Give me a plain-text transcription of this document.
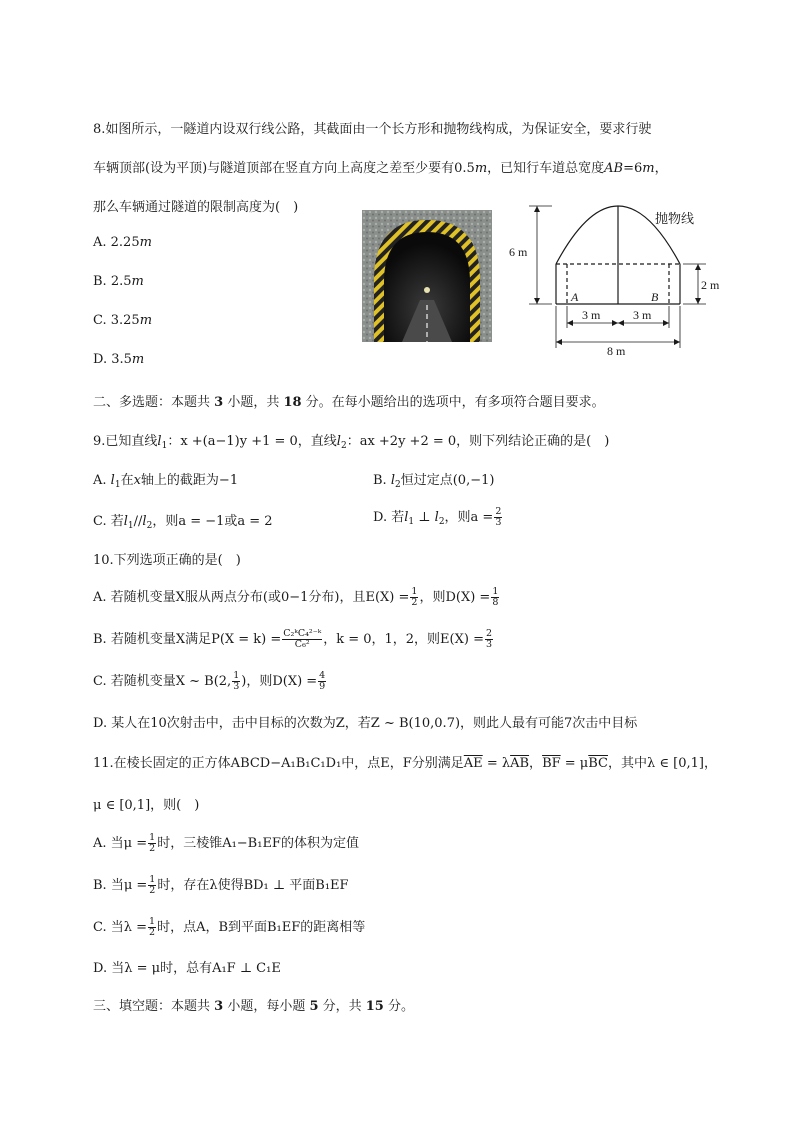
8.如图所示，一隧道内设双行线公路，其截面由一个长方形和抛物线构成，为保证安全，要求行驶
车辆顶部(设为平顶)与隧道顶部在竖直方向上高度之差至少要有0.5m，已知行车道总宽度AB=6m，
那么车辆通过隧道的限制高度为(　)
A. 2.25m
B. 2.5m
C. 3.25m
D. 3.5m
6 m
2 m
3 m	3 m
8 m
A	B
抛物线
二、多选题：本题共 3 小题，共 18 分。在每小题给出的选项中，有多项符合题目要求。
9.已知直线$l_1$：x +(a−1)y +1 = 0，直线$l_2$：ax +2y +2 = 0，则下列结论正确的是(　)
A. $l_1$在x轴上的截距为−1	B. $l_2$恒过定点(0,−1)
C. 若$l_1//l_2$，则a = −1或a = 2	D. 若$l_1$ ⊥ $l_2$，则$a = \frac{2}{3}$
10.下列选项正确的是(　)
A. 若随机变量X服从两点分布(或0−1分布)，且$E(X) = \frac{1}{2}$ ，则$D(X) = \frac{1}{8}$
B. 若随机变量X满足$P(X = k) = \frac{\text{C₂ᵏC₄²⁻ᵏ}}{\text{C₆²}}$ ，k = 0，1，2，则$E(X) = \frac{2}{3}$
C. 若随机变量X ~ B(2, $\frac{1}{3}$ )，则$D(X) = \frac{4}{9}$
D. 某人在10次射击中，击中目标的次数为Z，若Z ~ B(10,0.7)，则此人最有可能7次击中目标
11.在棱长固定的正方体ABCD−A₁B₁C₁D₁中，点E，F分别满足$\overline{AE} = \lambda\overline{AB}$，$\overline{BF} = \mu\overline{BC}$，其中λ ∈ [0,1]，
μ ∈ [0,1]，则(　)
A. 当$\mu = \frac{1}{2}$ 时，三棱锥A₁−B₁EF的体积为定值
B. 当$\mu = \frac{1}{2}$ 时，存在λ使得BD₁ ⊥ 平面B₁EF
C. 当$\lambda = \frac{1}{2}$ 时，点A，B到平面B₁EF的距离相等
D. 当λ = μ时，总有A₁F ⊥ C₁E
三、填空题：本题共 3 小题，每小题 5 分，共 15 分。
